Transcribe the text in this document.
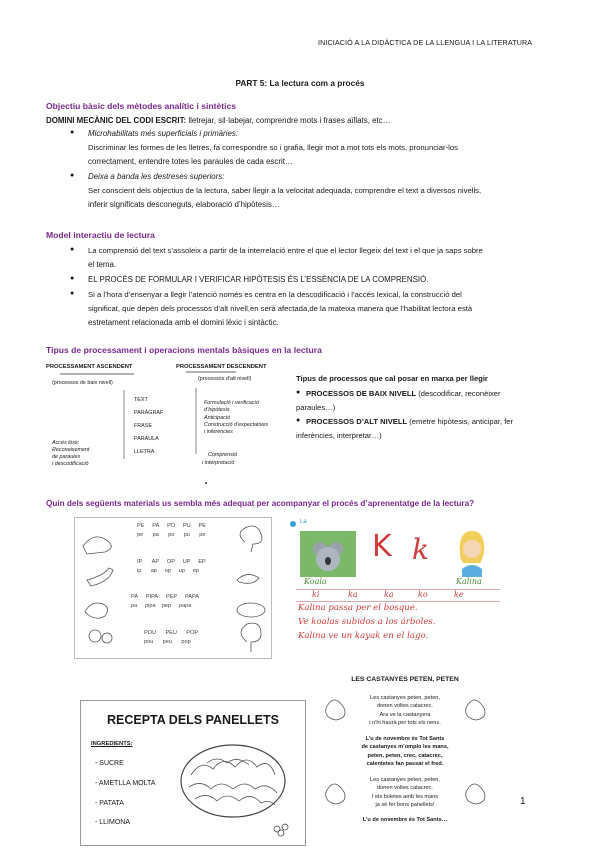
INICIACIÓ A LA DIDÀCTICA DE LA LLENGUA I LA LITERATURA
PART 5: La lectura com a procés
Objectiu bàsic dels mètodes analític i sintètics
DOMINI MECÀNIC DEL CODI ESCRIT: lletrejar, sil·labejar, comprendre mots i frases aïllats, etc…
● Microhabilitats més superficials i primàries:
Discriminar les formes de les lletres, fa correspondre so i grafia, llegir mot a mot tots els mots, pronunciar-los
correctament, entendre totes les paraules de cada escrit…
● Deixa a banda les destreses superiors:
Ser conscient dels objectius de la lectura, saber llegir a la velocitat adequada, comprendre el text a diversos nivells,
inferir significats desconeguts, elaboració d’hipòtesis…
Model interactiu de lectura
● La comprensió del text s’assoleix a partir de la interrelació entre el que el lector llegeix del text i el que ja saps sobre
el tema.
● EL PROCÉS DE FORMULAR I VERIFICAR HIPÒTESIS ÉS L’ESSÈNCIA DE LA COMPRENSIÓ.
● Si a l’hora d’ensenyar a llegir l’atenció només es centra en la descodificació i l’accés lexical, la construcció del
significat, que depèn dels processos d’alt nivell,en serà afectada,de la mateixa manera que l’habilitat lectora està
estretament relacionada amb el domini lèxic i sintàctic.
Tipus de processament i operacions mentals bàsiques en la lectura
PROCESSAMENT ASCENDENT	PROCESSAMENT DESCENDENT
(processos de baix nivell)
(processos d’alt nivell)
TEXT
PARÀGRAF
FRASE
PARAULA
LLETRA
Formulació i verificació
d’hipòtesis
Anticipació
Construcció d’expectatives
i inferències
Comprensió
i interpretació
Accés lèxic
Reconeixement
de paraules
i descodificació
Tipus de processos que cal posar en marxa per llegir
● PROCESSOS DE BAIX NIVELL (descodificar, reconèixer
paraules…)
● PROCESSOS D’ALT NIVELL (emetre hipòtesis, anticipar, fer
inferències, interpretar…)
Quin dels següents materials us sembla més adequat per acompanyar el procés d’aprenentatge de la lectura?
PE PA PO PU PE
pe pa po pu pe
IP AP OP UP EP
ip ap op up ep
PA PIPA PEP PAPA
pa pipa pep papa
POU PEU POP
pou peu pop
La
K k
Koala	Kalina
ki	ka	ka	ko	ke
Kalina passa per el bosque.
Ve koalas subidos a los árboles.
Kalina ve un kayak en el lago.
RECEPTA DELS PANELLETS
INGREDIENTS:
- SUCRE
- AMETLLA MOLTA
- PATATA
- LLIMONA
LES CASTANYES PETEN, PETEN
Les castanyes peten, peten,
donen voltes catacrec.
Ara ve la castanyera
i n’hi haurà per tots els nens.
L’u de novembre és Tot Sants
de castanyes m’omplo les mans,
peten, peten, crec, catacrec,
calentetes fan passar el fred.
Les castanyes peten, peten,
donen voltes catacrec.
I els boletes amb les mans
ja sé fer bons panellets!
L’u de novembre és Tot Sants…
1
